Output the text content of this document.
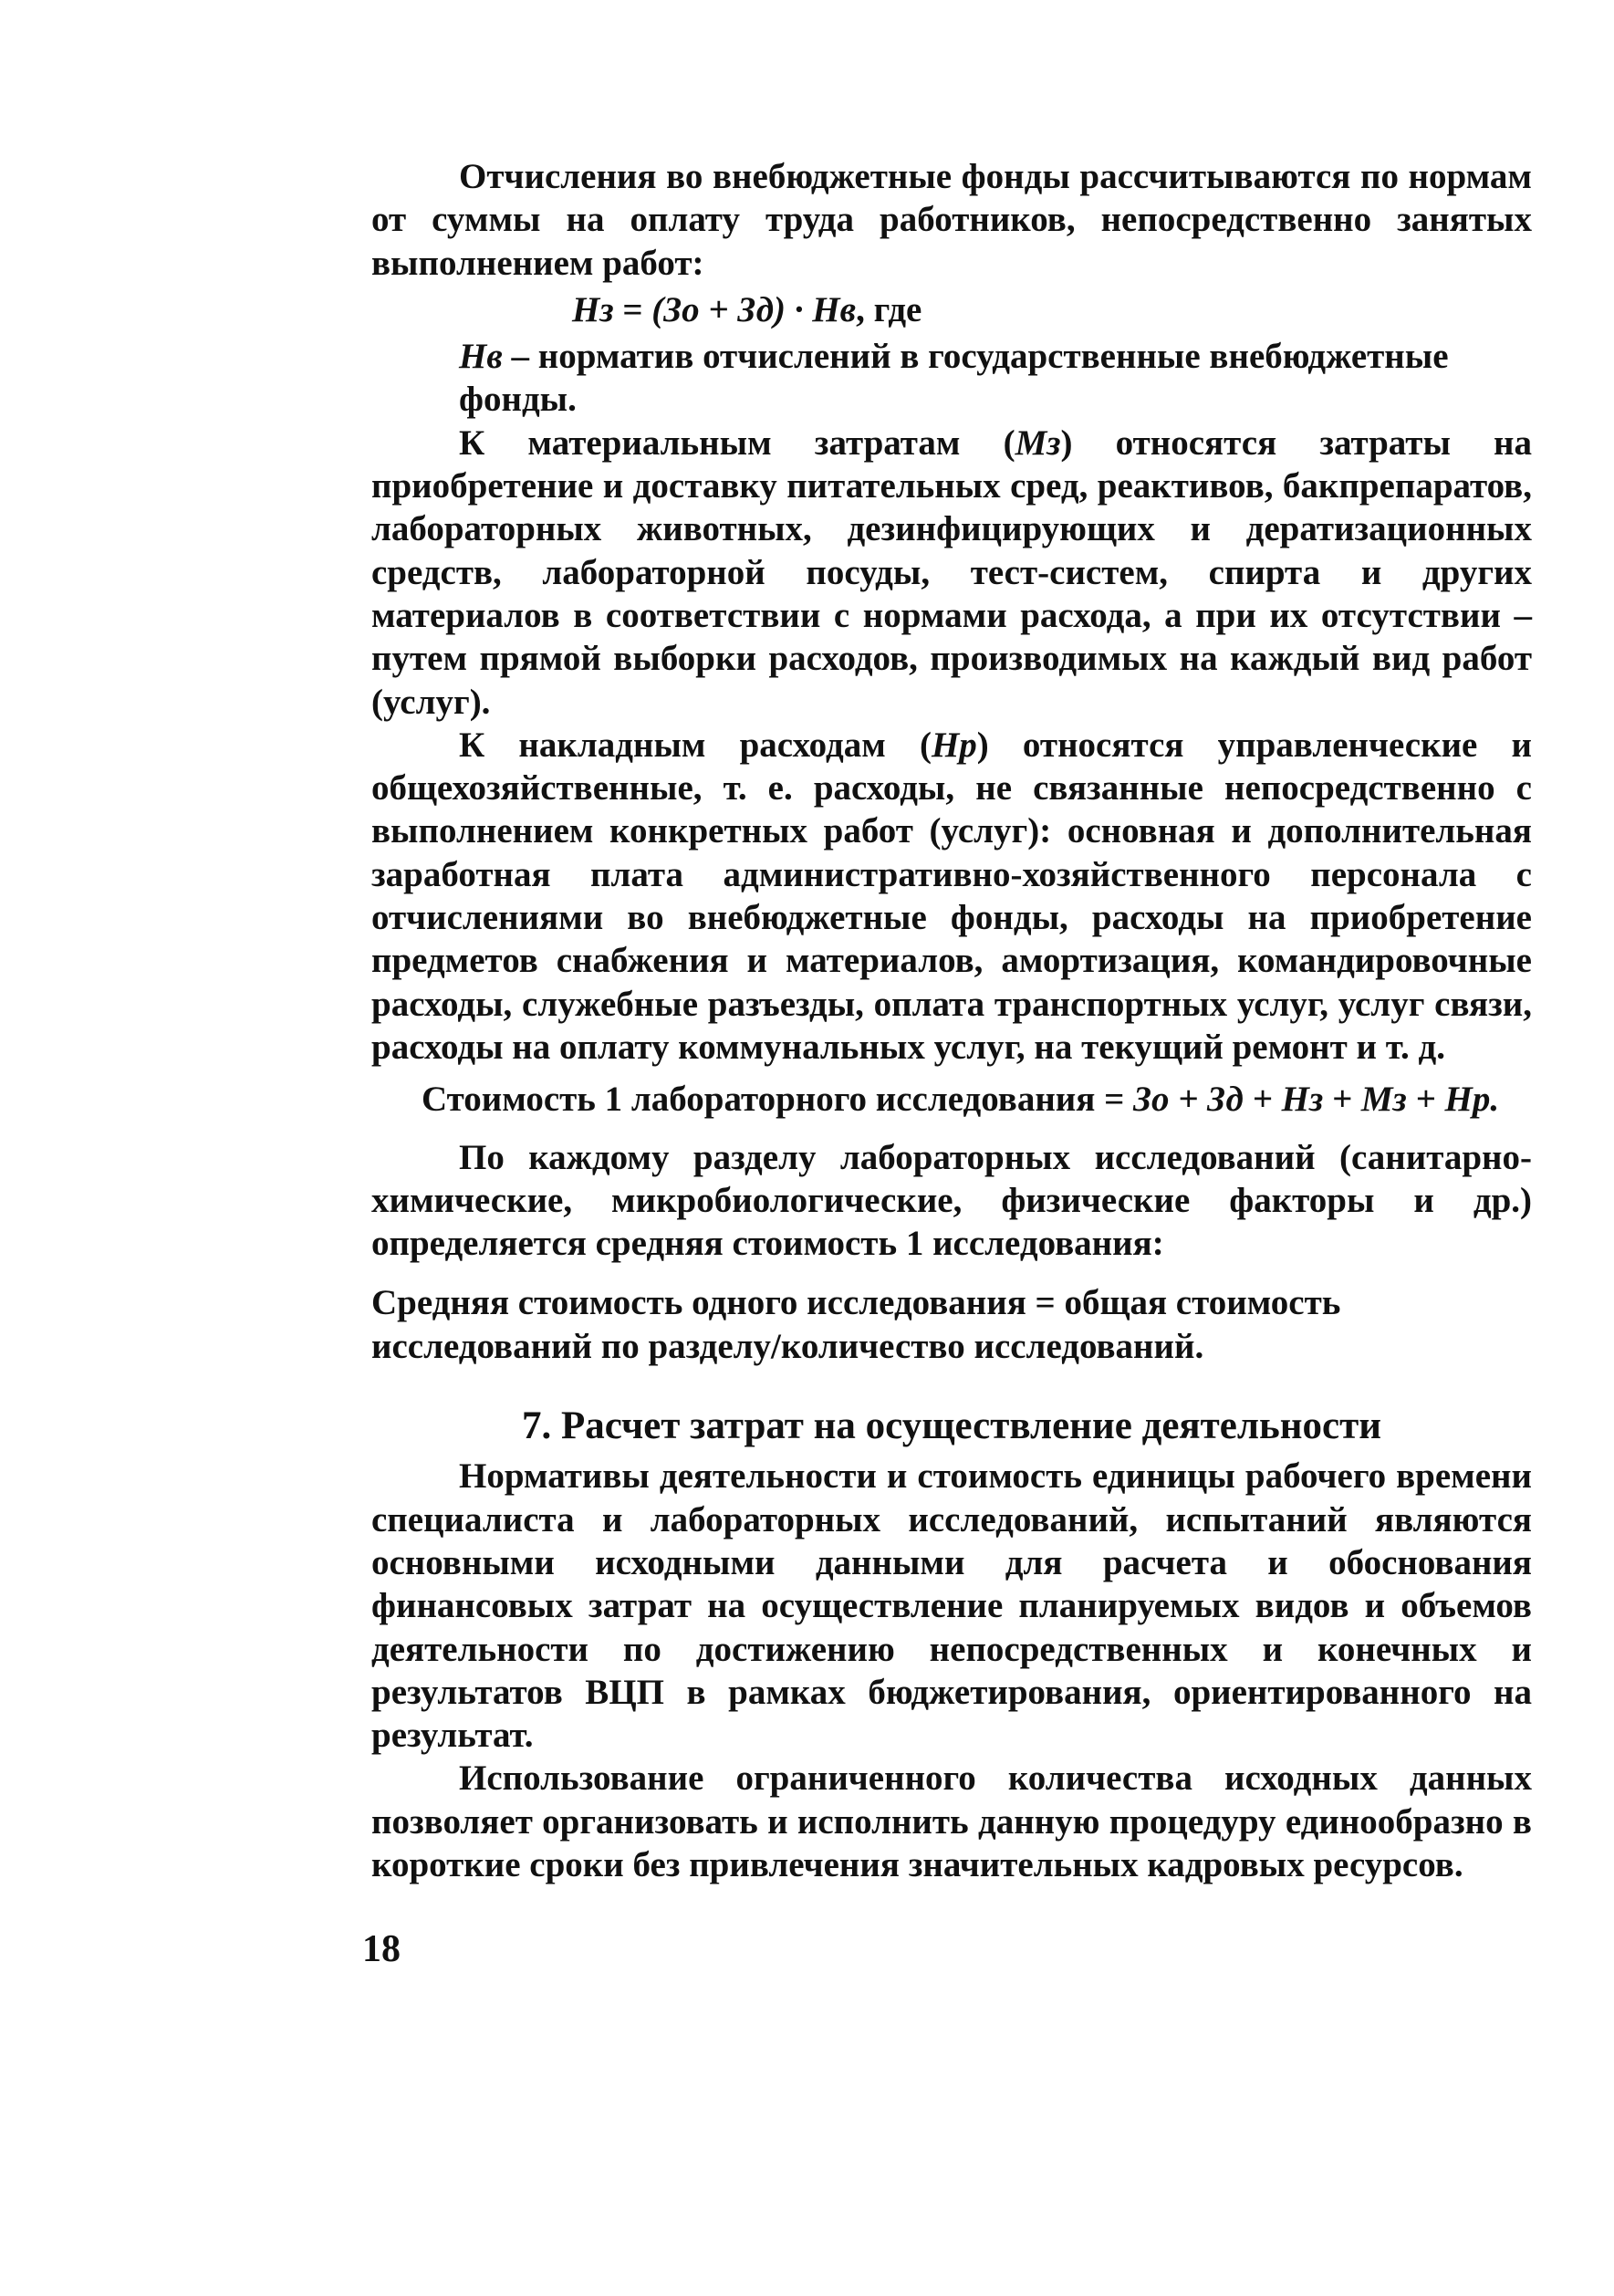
Отчисления во внебюджетные фонды рассчитываются по нормам от суммы на оплату труда работников, непосредственно занятых выполнением работ:

Нз = (Зо + Зд) · Нв, где

Нв – норматив отчислений в государственные внебюджетные фонды.

К материальным затратам (Мз) относятся затраты на приобретение и доставку питательных сред, реактивов, бакпрепаратов, лабораторных животных, дезинфицирующих и дератизационных средств, лабораторной посуды, тест-систем, спирта и других материалов в соответствии с нормами расхода, а при их отсутствии – путем прямой выборки расходов, производимых на каждый вид работ (услуг).

К накладным расходам (Нр) относятся управленческие и общехозяйственные, т. е. расходы, не связанные непосредственно с выполнением конкретных работ (услуг): основная и дополнительная заработная плата административно-хозяйственного персонала с отчислениями во внебюджетные фонды, расходы на приобретение предметов снабжения и материалов, амортизация, командировочные расходы, служебные разъезды, оплата транспортных услуг, услуг связи, расходы на оплату коммунальных услуг, на текущий ремонт и т. д.

Стоимость 1 лабораторного исследования = Зо + Зд + Нз + Мз + Нр.

По каждому разделу лабораторных исследований (санитарно-химические, микробиологические, физические факторы и др.) определяется средняя стоимость 1 исследования:

Средняя стоимость одного исследования = общая стоимость
исследований по разделу/количество исследований.

7. Расчет затрат на осуществление деятельности

Нормативы деятельности и стоимость единицы рабочего времени специалиста и лабораторных исследований, испытаний являются основными исходными данными для расчета и обоснования финансовых затрат на осуществление планируемых видов и объемов деятельности по достижению непосредственных и конечных и результатов ВЦП в рамках бюджетирования, ориентированного на результат.

Использование ограниченного количества исходных данных позволяет организовать и исполнить данную процедуру единообразно в короткие сроки без привлечения значительных кадровых ресурсов.

18
